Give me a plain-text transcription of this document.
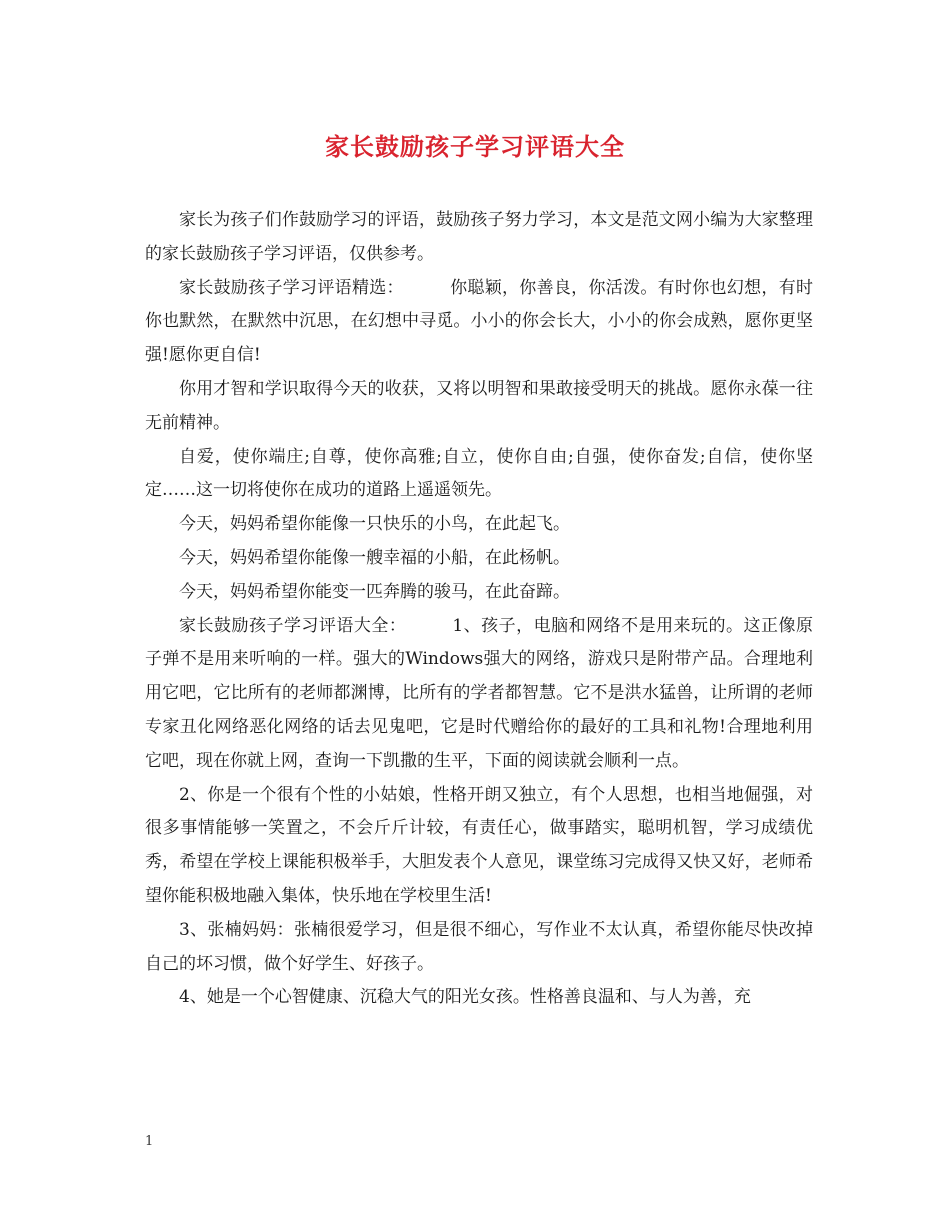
家长鼓励孩子学习评语大全

家长为孩子们作鼓励学习的评语，鼓励孩子努力学习，本文是范文网小编为大家整理的家长鼓励孩子学习评语，仅供参考。

家长鼓励孩子学习评语精选：	你聪颖，你善良，你活泼。有时你也幻想，有时你也默然，在默然中沉思，在幻想中寻觅。小小的你会长大，小小的你会成熟，愿你更坚强!愿你更自信!

你用才智和学识取得今天的收获，又将以明智和果敢接受明天的挑战。愿你永葆一往无前精神。

自爱，使你端庄;自尊，使你高雅;自立，使你自由;自强，使你奋发;自信，使你坚定……这一切将使你在成功的道路上遥遥领先。

今天，妈妈希望你能像一只快乐的小鸟，在此起飞。

今天，妈妈希望你能像一艘幸福的小船，在此杨帆。

今天，妈妈希望你能变一匹奔腾的骏马，在此奋蹄。

家长鼓励孩子学习评语大全：	1、孩子，电脑和网络不是用来玩的。这正像原子弹不是用来听响的一样。强大的Windows强大的网络，游戏只是附带产品。合理地利用它吧，它比所有的老师都渊博，比所有的学者都智慧。它不是洪水猛兽，让所谓的老师专家丑化网络恶化网络的话去见鬼吧，它是时代赠给你的最好的工具和礼物!合理地利用它吧，现在你就上网，查询一下凯撒的生平，下面的阅读就会顺利一点。

2、你是一个很有个性的小姑娘，性格开朗又独立，有个人思想，也相当地倔强，对很多事情能够一笑置之，不会斤斤计较，有责任心，做事踏实，聪明机智，学习成绩优秀，希望在学校上课能积极举手，大胆发表个人意见，课堂练习完成得又快又好，老师希望你能积极地融入集体，快乐地在学校里生活!

3、张楠妈妈：张楠很爱学习，但是很不细心，写作业不太认真，希望你能尽快改掉自己的坏习惯，做个好学生、好孩子。

4、她是一个心智健康、沉稳大气的阳光女孩。性格善良温和、与人为善，充

1
